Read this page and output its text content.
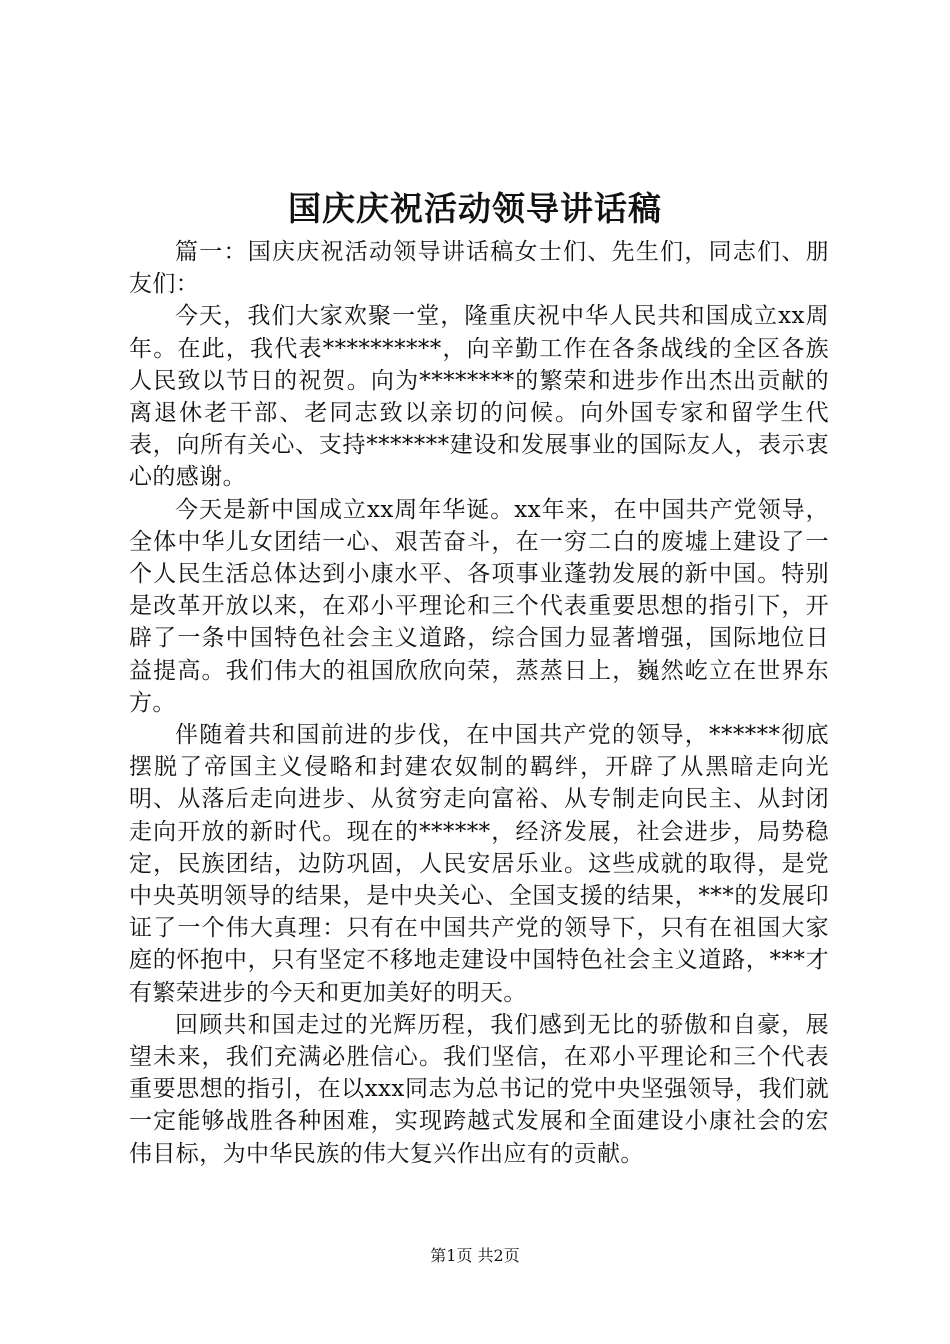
国庆庆祝活动领导讲话稿

篇一：国庆庆祝活动领导讲话稿女士们、先生们，同志们、朋友们：

今天，我们大家欢聚一堂，隆重庆祝中华人民共和国成立xx周年。在此，我代表**********，向辛勤工作在各条战线的全区各族人民致以节日的祝贺。向为********的繁荣和进步作出杰出贡献的离退休老干部、老同志致以亲切的问候。向外国专家和留学生代表，向所有关心、支持*******建设和发展事业的国际友人，表示衷心的感谢。

今天是新中国成立xx周年华诞。xx年来，在中国共产党领导，全体中华儿女团结一心、艰苦奋斗，在一穷二白的废墟上建设了一个人民生活总体达到小康水平、各项事业蓬勃发展的新中国。特别是改革开放以来，在邓小平理论和三个代表重要思想的指引下，开辟了一条中国特色社会主义道路，综合国力显著增强，国际地位日益提高。我们伟大的祖国欣欣向荣，蒸蒸日上，巍然屹立在世界东方。

伴随着共和国前进的步伐，在中国共产党的领导，******彻底摆脱了帝国主义侵略和封建农奴制的羁绊，开辟了从黑暗走向光明、从落后走向进步、从贫穷走向富裕、从专制走向民主、从封闭走向开放的新时代。现在的******，经济发展，社会进步，局势稳定，民族团结，边防巩固，人民安居乐业。这些成就的取得，是党中央英明领导的结果，是中央关心、全国支援的结果，***的发展印证了一个伟大真理：只有在中国共产党的领导下，只有在祖国大家庭的怀抱中，只有坚定不移地走建设中国特色社会主义道路，***才有繁荣进步的今天和更加美好的明天。

回顾共和国走过的光辉历程，我们感到无比的骄傲和自豪，展望未来，我们充满必胜信心。我们坚信，在邓小平理论和三个代表重要思想的指引，在以xxx同志为总书记的党中央坚强领导，我们就一定能够战胜各种困难，实现跨越式发展和全面建设小康社会的宏伟目标，为中华民族的伟大复兴作出应有的贡献。

第1页 共2页
